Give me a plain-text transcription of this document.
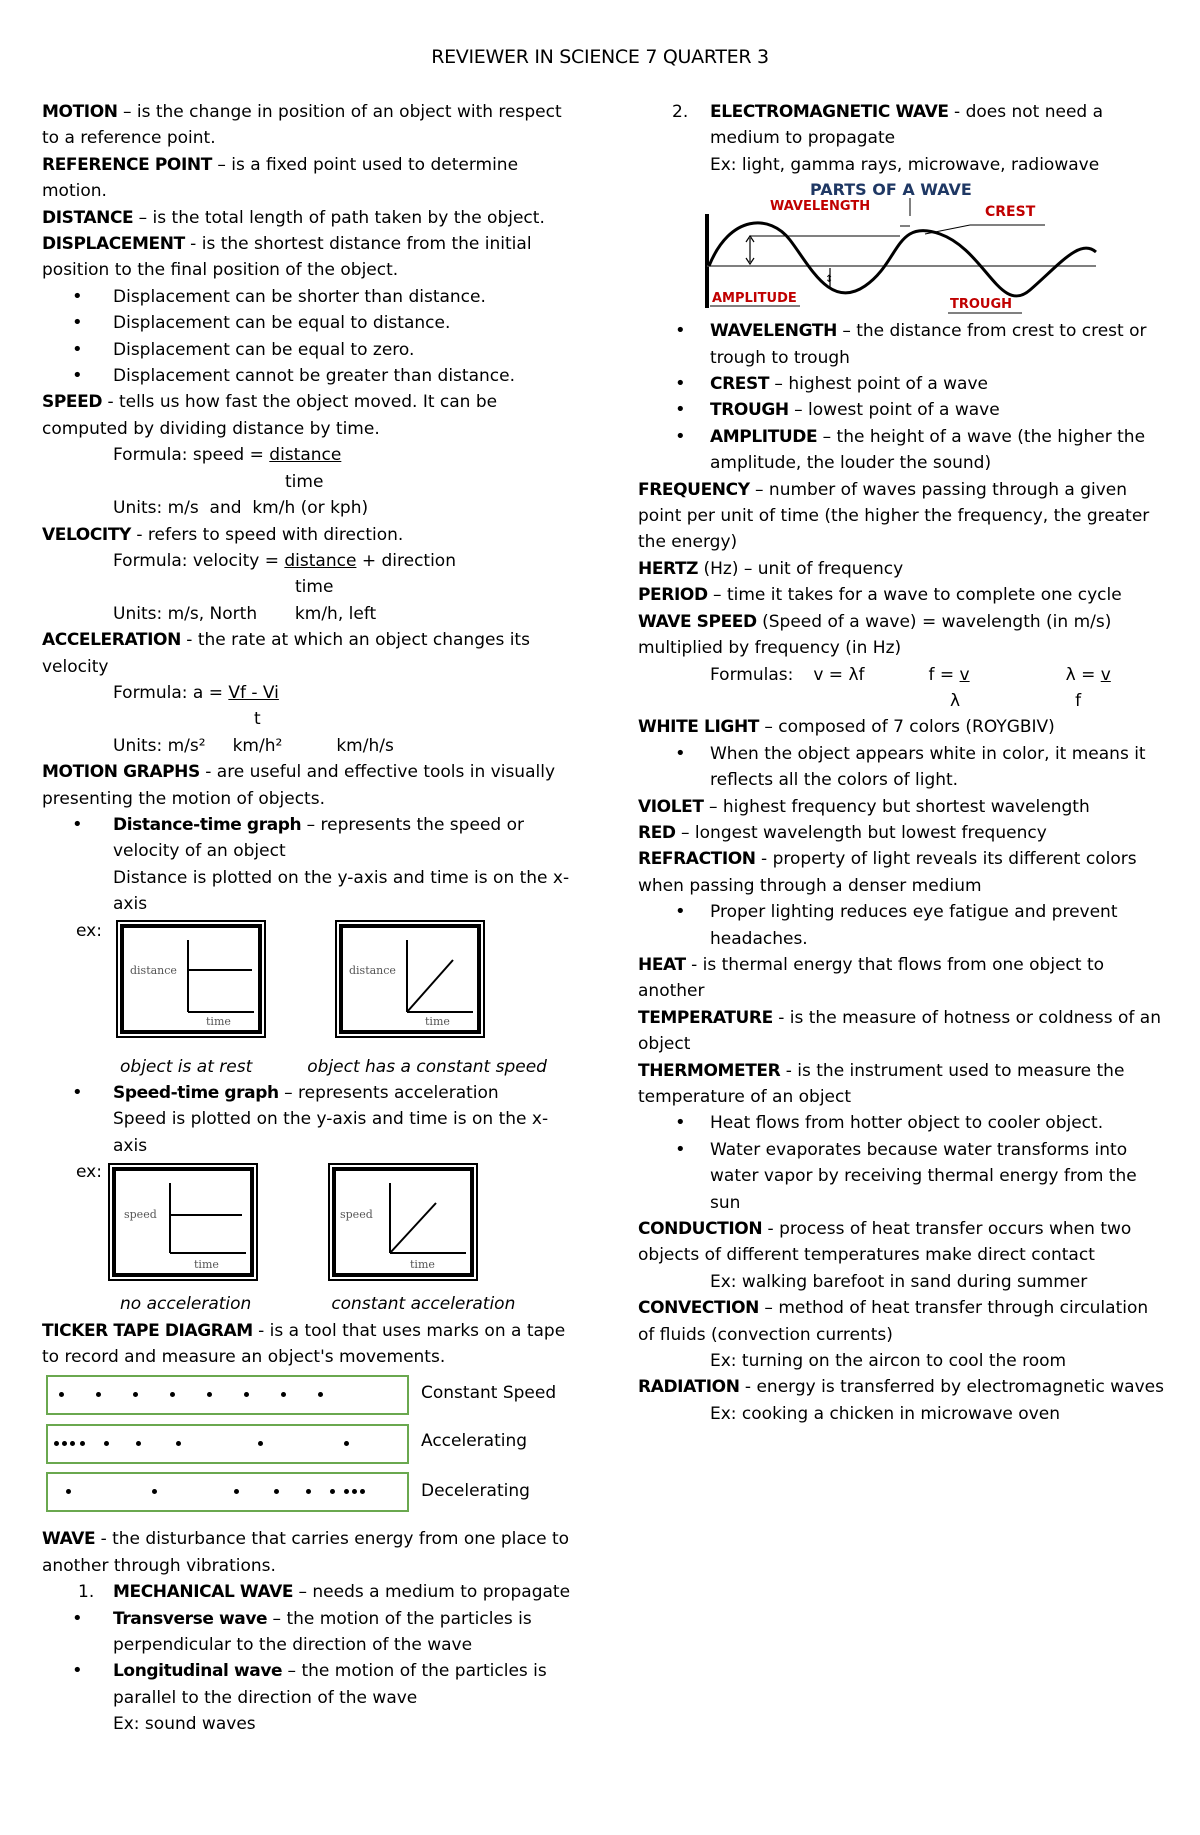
REVIEWER IN SCIENCE 7 QUARTER 3

MOTION – is the change in position of an object with respect to a reference point.

REFERENCE POINT – is a fixed point used to determine motion.

DISTANCE – is the total length of path taken by the object.

DISPLACEMENT - is the shortest distance from the initial position to the final position of the object.

• Displacement can be shorter than distance.

• Displacement can be equal to distance.

• Displacement can be equal to zero.

• Displacement cannot be greater than distance.

SPEED - tells us how fast the object moved. It can be computed by dividing distance by time.

Formula: speed = distance

time

Units: m/s  and  km/h (or kph)

VELOCITY - refers to speed with direction.

Formula: velocity = distance + direction

time

Units: m/s, North       km/h, left

ACCELERATION - the rate at which an object changes its velocity

Formula: a = Vf - Vi

t

Units: m/s²     km/h²          km/h/s

MOTION GRAPHS - are useful and effective tools in visually presenting the motion of objects.

• Distance-time graph – represents the speed or velocity of an object

Distance is plotted on the y-axis and time is on the x-axis

ex:
distance
time
distance
time

object is at rest	object has a constant speed

• Speed-time graph – represents acceleration

Speed is plotted on the y-axis and time is on the x-axis

ex:
speed
time
speed
time

no acceleration	constant acceleration

TICKER TAPE DIAGRAM - is a tool that uses marks on a tape to record and measure an object's movements.

Constant Speed
Accelerating
Decelerating

WAVE - the disturbance that carries energy from one place to another through vibrations.

1. MECHANICAL WAVE – needs a medium to propagate

• Transverse wave – the motion of the particles is perpendicular to the direction of the wave

• Longitudinal wave – the motion of the particles is parallel to the direction of the wave

Ex: sound waves

2. ELECTROMAGNETIC WAVE - does not need a medium to propagate

Ex: light, gamma rays, microwave, radiowave

PARTS OF A WAVE
↕
WAVELENGTH	CREST
AMPLITUDE	TROUGH

• WAVELENGTH – the distance from crest to crest or trough to trough

• CREST – highest point of a wave

• TROUGH – lowest point of a wave

• AMPLITUDE – the height of a wave (the higher the amplitude, the louder the sound)

FREQUENCY – number of waves passing through a given point per unit of time (the higher the frequency, the greater the energy)

HERTZ (Hz) – unit of frequency

PERIOD – time it takes for a wave to complete one cycle

WAVE SPEED (Speed of a wave) = wavelength (in m/s) multiplied by frequency (in Hz)

Formulas: v = λf	f = v	λ = v

λ	f

WHITE LIGHT – composed of 7 colors (ROYGBIV)

• When the object appears white in color, it means it reflects all the colors of light.

VIOLET – highest frequency but shortest wavelength

RED – longest wavelength but lowest frequency

REFRACTION - property of light reveals its different colors when passing through a denser medium

• Proper lighting reduces eye fatigue and prevent headaches.

HEAT - is thermal energy that flows from one object to another

TEMPERATURE - is the measure of hotness or coldness of an object

THERMOMETER - is the instrument used to measure the temperature of an object

• Heat flows from hotter object to cooler object.

• Water evaporates because water transforms into water vapor by receiving thermal energy from the sun

CONDUCTION - process of heat transfer occurs when two objects of different temperatures make direct contact

Ex: walking barefoot in sand during summer

CONVECTION – method of heat transfer through circulation of fluids (convection currents)

Ex: turning on the aircon to cool the room

RADIATION - energy is transferred by electromagnetic waves

Ex: cooking a chicken in microwave oven
